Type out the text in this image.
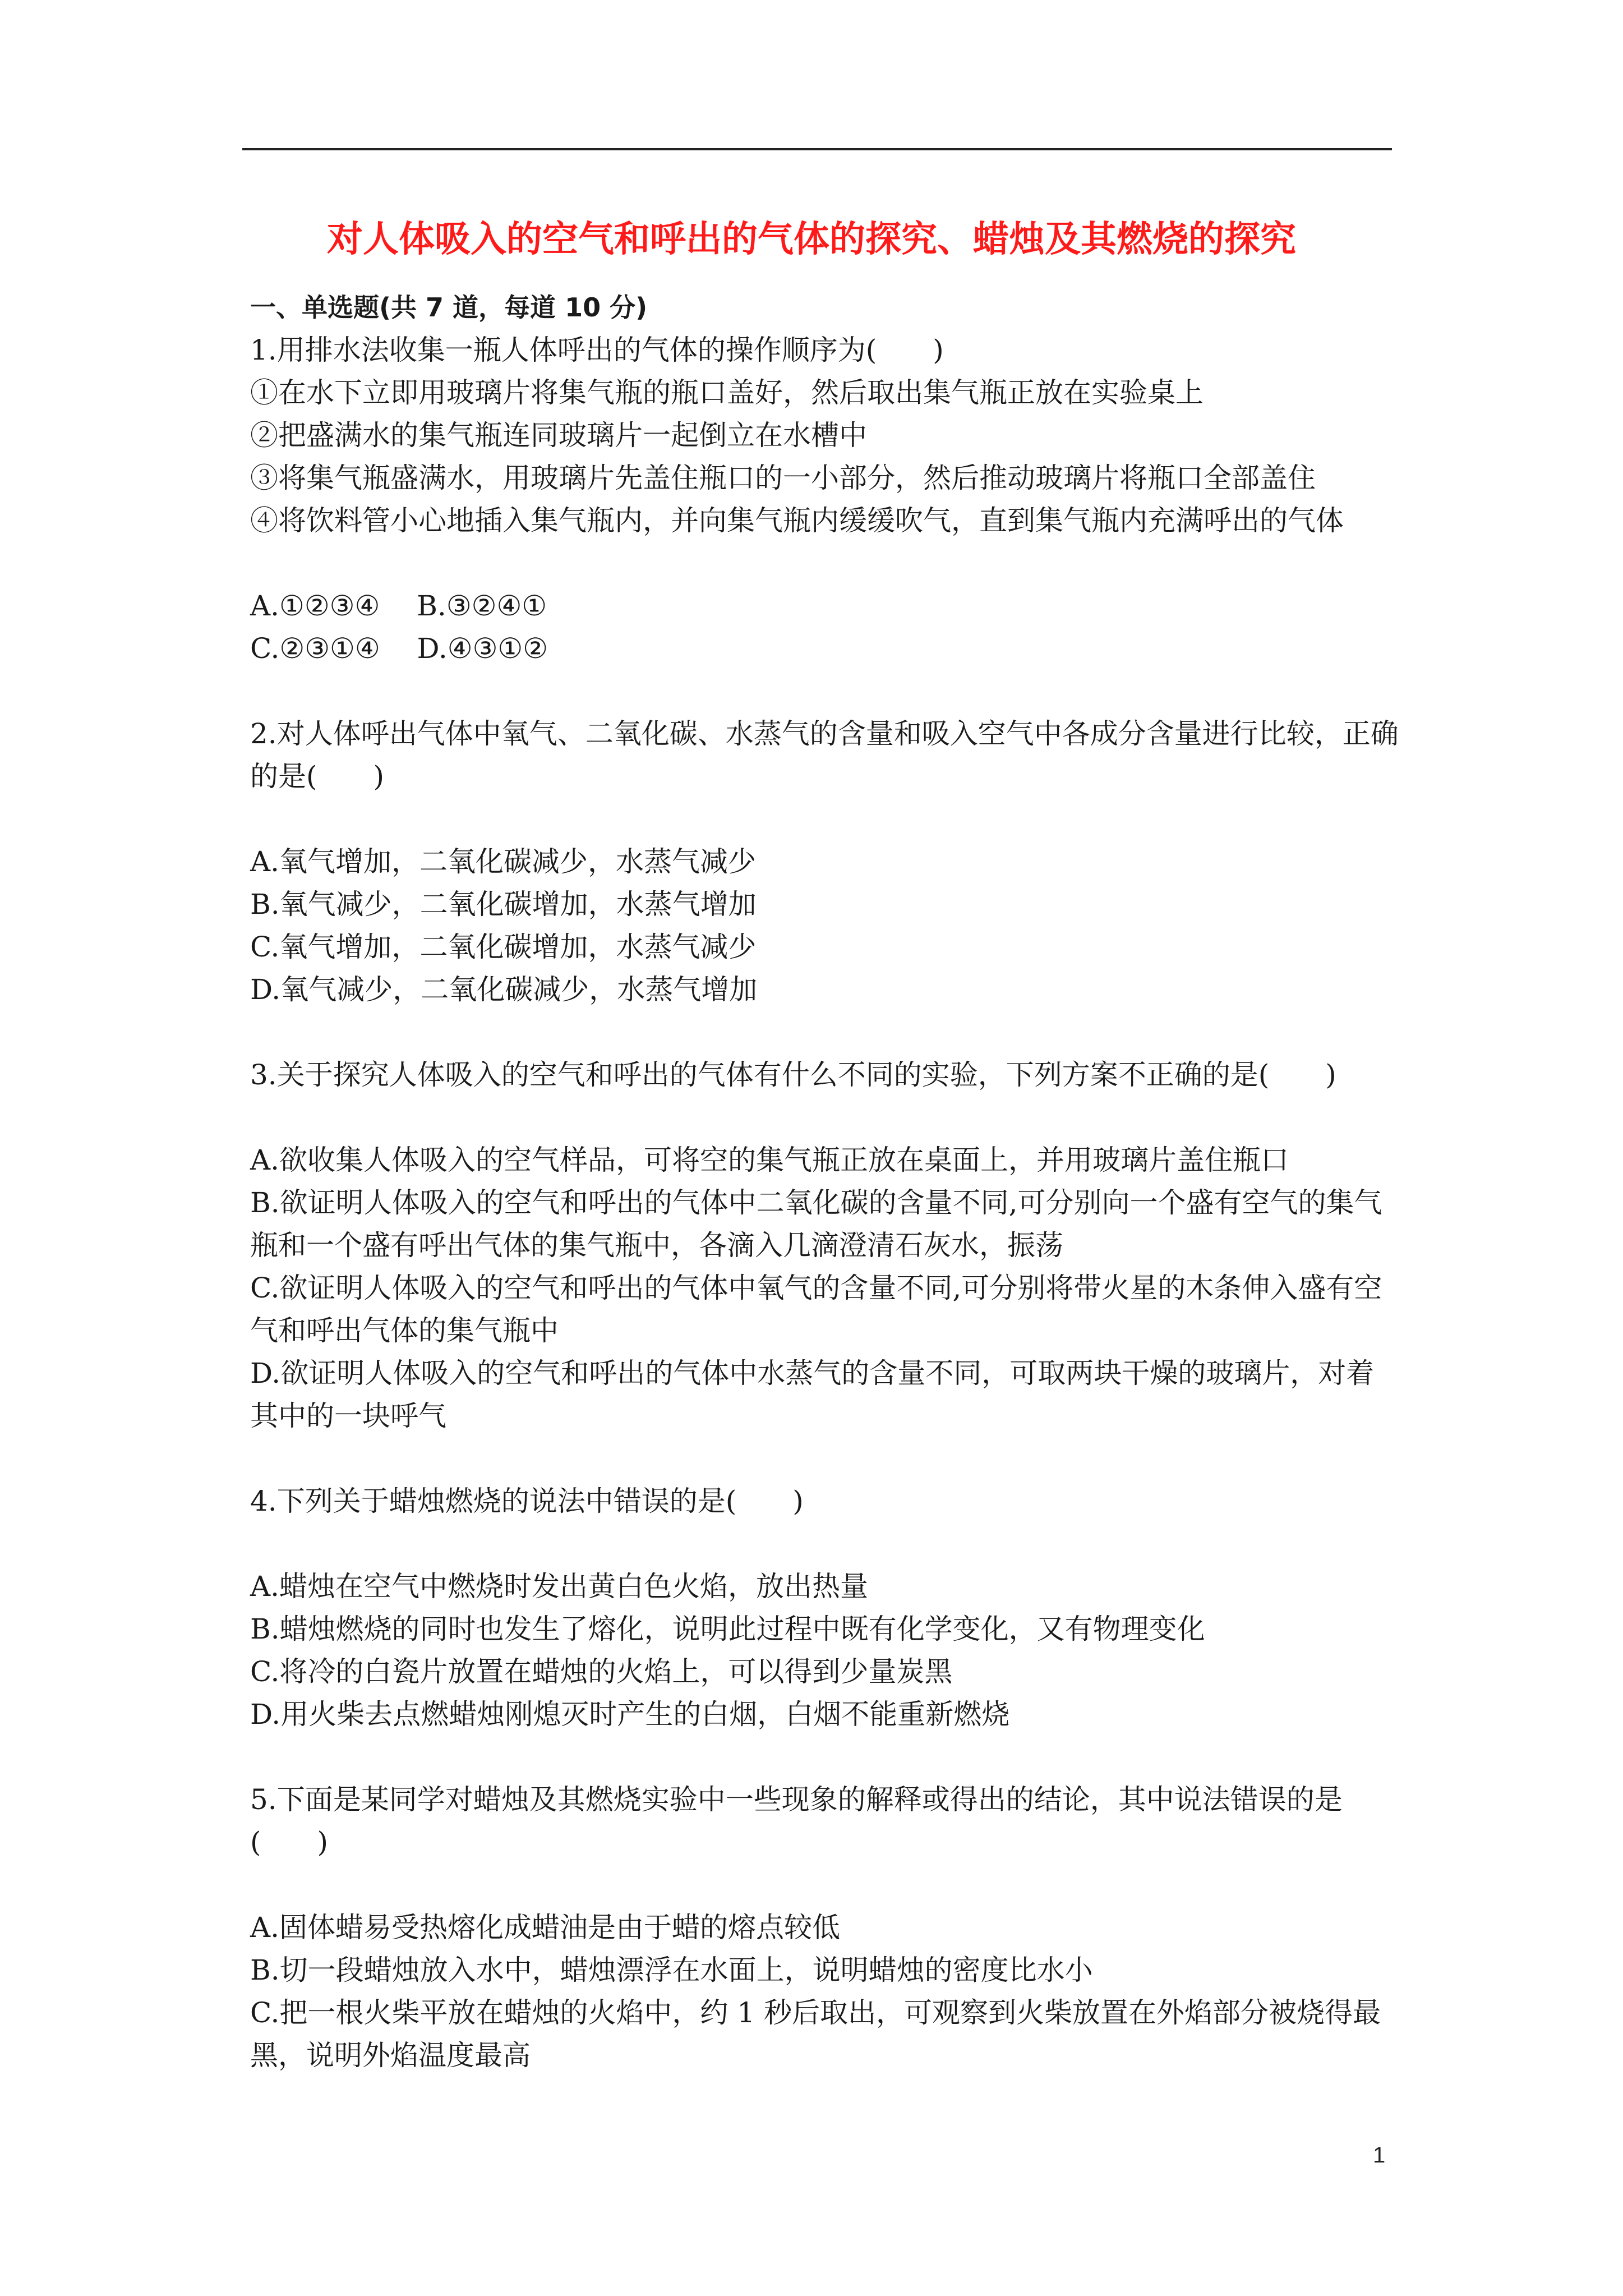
对人体吸入的空气和呼出的气体的探究、蜡烛及其燃烧的探究
一、单选题(共 7 道，每道 10 分)
1.用排水法收集一瓶人体呼出的气体的操作顺序为(　　)
①在水下立即用玻璃片将集气瓶的瓶口盖好，然后取出集气瓶正放在实验桌上
②把盛满水的集气瓶连同玻璃片一起倒立在水槽中
③将集气瓶盛满水，用玻璃片先盖住瓶口的一小部分，然后推动玻璃片将瓶口全部盖住
④将饮料管小心地插入集气瓶内，并向集气瓶内缓缓吹气，直到集气瓶内充满呼出的气体
A.①②③④　 B.③②④①
C.②③①④　 D.④③①②
2.对人体呼出气体中氧气、二氧化碳、水蒸气的含量和吸入空气中各成分含量进行比较，正确的是(　　)
A.氧气增加，二氧化碳减少，水蒸气减少
B.氧气减少，二氧化碳增加，水蒸气增加
C.氧气增加，二氧化碳增加，水蒸气减少
D.氧气减少，二氧化碳减少，水蒸气增加
3.关于探究人体吸入的空气和呼出的气体有什么不同的实验，下列方案不正确的是(　　)
A.欲收集人体吸入的空气样品，可将空的集气瓶正放在桌面上，并用玻璃片盖住瓶口
B.欲证明人体吸入的空气和呼出的气体中二氧化碳的含量不同,可分别向一个盛有空气的集气瓶和一个盛有呼出气体的集气瓶中，各滴入几滴澄清石灰水，振荡
C.欲证明人体吸入的空气和呼出的气体中氧气的含量不同,可分别将带火星的木条伸入盛有空气和呼出气体的集气瓶中
D.欲证明人体吸入的空气和呼出的气体中水蒸气的含量不同，可取两块干燥的玻璃片，对着其中的一块呼气
4.下列关于蜡烛燃烧的说法中错误的是(　　)
A.蜡烛在空气中燃烧时发出黄白色火焰，放出热量
B.蜡烛燃烧的同时也发生了熔化，说明此过程中既有化学变化，又有物理变化
C.将冷的白瓷片放置在蜡烛的火焰上，可以得到少量炭黑
D.用火柴去点燃蜡烛刚熄灭时产生的白烟，白烟不能重新燃烧
5.下面是某同学对蜡烛及其燃烧实验中一些现象的解释或得出的结论，其中说法错误的是(　　)
A.固体蜡易受热熔化成蜡油是由于蜡的熔点较低
B.切一段蜡烛放入水中，蜡烛漂浮在水面上，说明蜡烛的密度比水小
C.把一根火柴平放在蜡烛的火焰中，约 1 秒后取出，可观察到火柴放置在外焰部分被烧得最黑，说明外焰温度最高
1
